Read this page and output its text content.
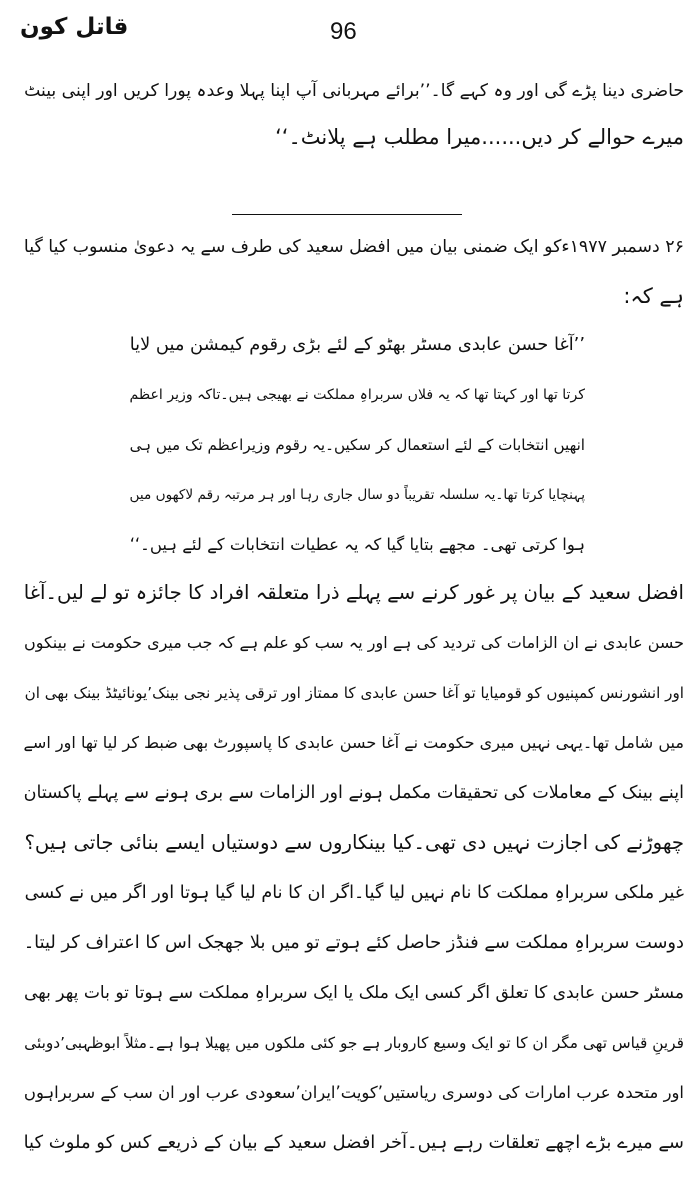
قاتل کون	96
حاضری دینا پڑے گی اور وہ کہے گا۔’’برائے مہربانی آپ اپنا پہلا وعدہ پورا کریں اور اپنی بینٹ
میرے حوالے کر دیں......میرا مطلب ہے پلانٹ۔‘‘
۲۶ دسمبر ۱۹۷۷ءکو ایک ضمنی بیان میں افضل سعید کی طرف سے یہ دعویٰ منسوب کیا گیا
ہے کہ:
’’آغا حسن عابدی مسٹر بھٹو کے لئے بڑی رقوم کیمشن میں لایا
کرتا تھا اور کہتا تھا کہ یہ فلاں سربراہِ مملکت نے بھیجی ہیں۔تاکہ وزیر اعظم
انھیں انتخابات کے لئے استعمال کر سکیں۔یہ رقوم وزیراعظم تک میں ہی
پہنچایا کرتا تھا۔یہ سلسلہ تقریباً دو سال جاری رہا اور ہر مرتبہ رقم لاکھوں میں
ہوا کرتی تھی۔ مجھے بتایا گیا کہ یہ عطیات انتخابات کے لئے ہیں۔‘‘
افضل سعید کے بیان پر غور کرنے سے پہلے ذرا متعلقہ افراد کا جائزہ تو لے لیں۔آغا
حسن عابدی نے ان الزامات کی تردید کی ہے اور یہ سب کو علم ہے کہ جب میری حکومت نے بینکوں
اور انشورنس کمپنیوں کو قومیایا تو آغا حسن عابدی کا ممتاز اور ترقی پذیر نجی بینک’یونائیٹڈ بینک بھی ان
میں شامل تھا۔یہی نہیں میری حکومت نے آغا حسن عابدی کا پاسپورٹ بھی ضبط کر لیا تھا اور اسے
اپنے بینک کے معاملات کی تحقیقات مکمل ہونے اور الزامات سے بری ہونے سے پہلے پاکستان
چھوڑنے کی اجازت نہیں دی تھی۔کیا بینکاروں سے دوستیاں ایسے بنائی جاتی ہیں؟
غیر ملکی سربراہِ مملکت کا نام نہیں لیا گیا۔اگر ان کا نام لیا گیا ہوتا اور اگر میں نے کسی
دوست سربراہِ مملکت سے فنڈز حاصل کئے ہوتے تو میں بلا جھجک اس کا اعتراف کر لیتا۔
مسٹر حسن عابدی کا تعلق اگر کسی ایک ملک یا ایک سربراہِ مملکت سے ہوتا تو بات پھر بھی
قرینِ قیاس تھی مگر ان کا تو ایک وسیع کاروبار ہے جو کئی ملکوں میں پھیلا ہوا ہے۔مثلاً ابوظہبی’دوبئی
اور متحدہ عرب امارات کی دوسری ریاستیں’کویت’ایران’سعودی عرب اور ان سب کے سربراہوں
سے میرے بڑے اچھے تعلقات رہے ہیں۔آخر افضل سعید کے بیان کے ذریعے کس کو ملوث کیا
